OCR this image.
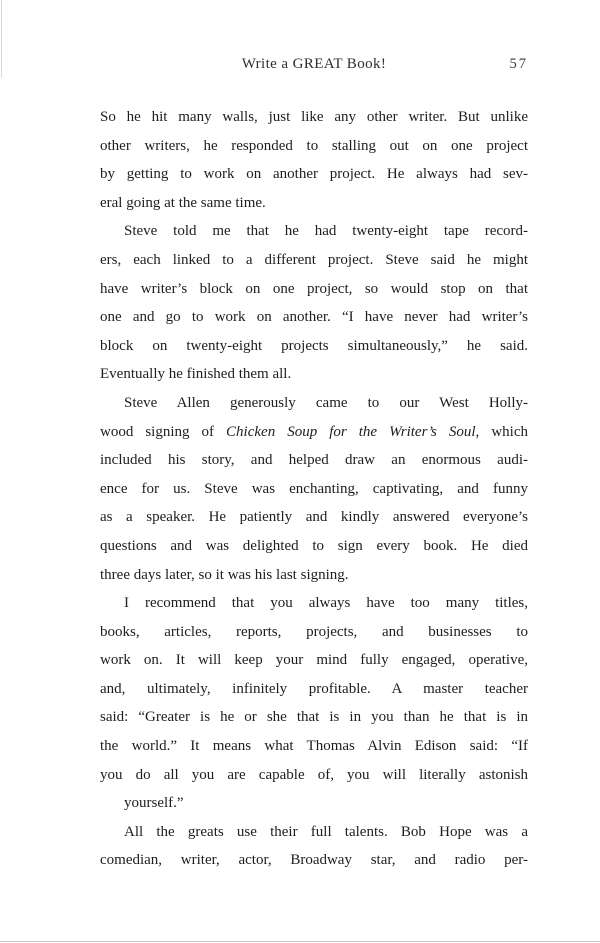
Write a GREAT Book!	57
So he hit many walls, just like any other writer. But unlike
other writers, he responded to stalling out on one project
by getting to work on another project. He always had sev-
eral going at the same time.
Steve told me that he had twenty-eight tape record-
ers, each linked to a different project. Steve said he might
have writer’s block on one project, so would stop on that
one and go to work on another. “I have never had writer’s
block on twenty-eight projects simultaneously,” he said.
Eventually he finished them all.
Steve Allen generously came to our West Holly-
wood signing of Chicken Soup for the Writer’s Soul, which
included his story, and helped draw an enormous audi-
ence for us. Steve was enchanting, captivating, and funny
as a speaker. He patiently and kindly answered everyone’s
questions and was delighted to sign every book. He died
three days later, so it was his last signing.
I recommend that you always have too many titles,
books, articles, reports, projects, and businesses to
work on. It will keep your mind fully engaged, operative,
and, ultimately, infinitely profitable. A master teacher
said: “Greater is he or she that is in you than he that is in
the world.” It means what Thomas Alvin Edison said: “If
you do all you are capable of, you will literally astonish
yourself.”
All the greats use their full talents. Bob Hope was a
comedian, writer, actor, Broadway star, and radio per-
